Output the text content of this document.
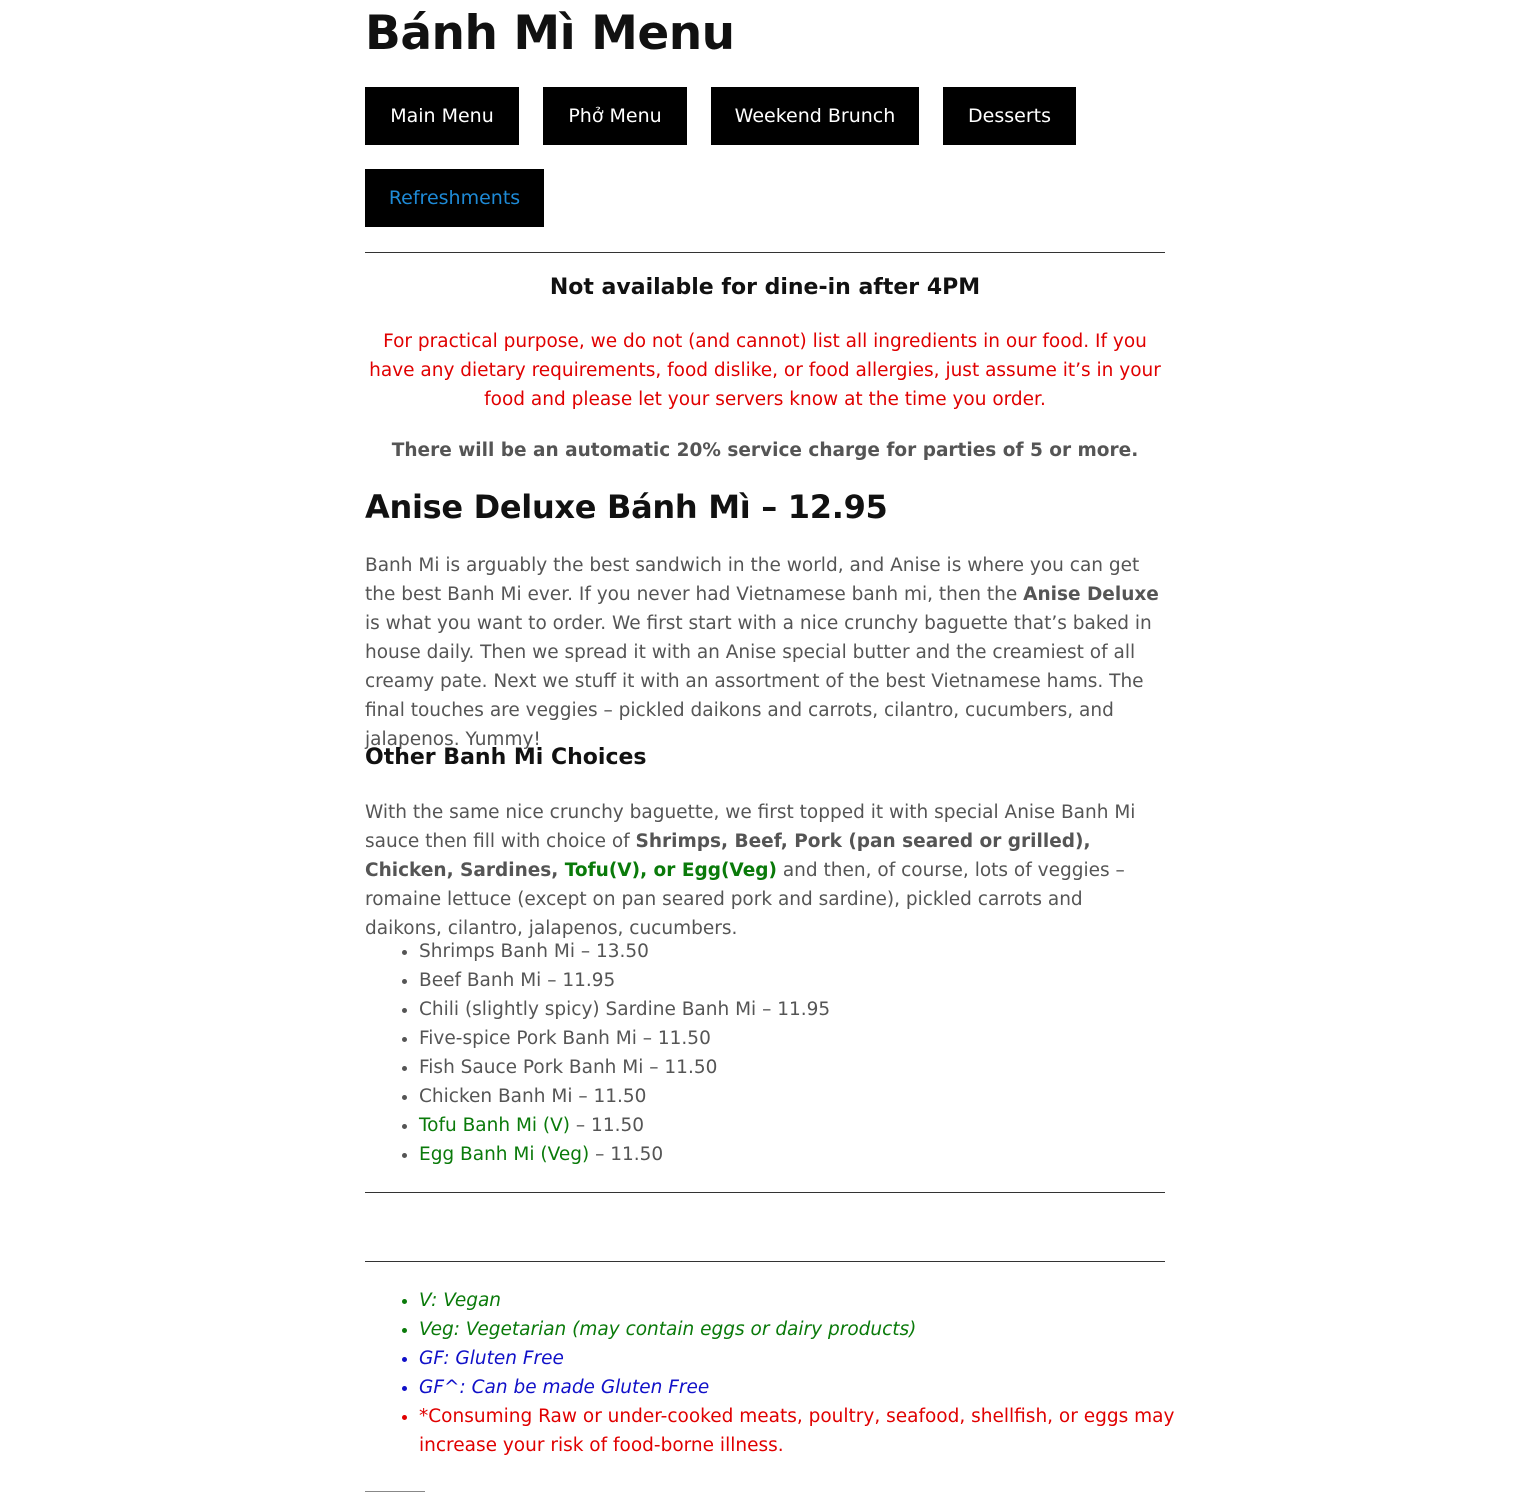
Bánh Mì Menu
Main Menu	Phở Menu	Weekend Brunch	Desserts
Refreshments

Not available for dine-in after 4PM

For practical purpose, we do not (and cannot) list all ingredients in our food. If you have any dietary requirements, food dislike, or food allergies, just assume it’s in your food and please let your servers know at the time you order.

There will be an automatic 20% service charge for parties of 5 or more.

Anise Deluxe Bánh Mì – 12.95

Banh Mi is arguably the best sandwich in the world, and Anise is where you can get the best Banh Mi ever. If you never had Vietnamese banh mi, then the Anise Deluxe is what you want to order. We first start with a nice crunchy baguette that’s baked in house daily. Then we spread it with an Anise special butter and the creamiest of all creamy pate. Next we stuff it with an assortment of the best Vietnamese hams. The final touches are veggies – pickled daikons and carrots, cilantro, cucumbers, and jalapenos. Yummy!

Other Banh Mi Choices

With the same nice crunchy baguette, we first topped it with special Anise Banh Mi sauce then fill with choice of Shrimps, Beef, Pork (pan seared or grilled), Chicken, Sardines, Tofu(V), or Egg(Veg) and then, of course, lots of veggies – romaine lettuce (except on pan seared pork and sardine), pickled carrots and daikons, cilantro, jalapenos, cucumbers.

• Shrimps Banh Mi – 13.50
• Beef Banh Mi – 11.95
• Chili (slightly spicy) Sardine Banh Mi – 11.95
• Five-spice Pork Banh Mi – 11.50
• Fish Sauce Pork Banh Mi – 11.50
• Chicken Banh Mi – 11.50
• Tofu Banh Mi (V) – 11.50
• Egg Banh Mi (Veg) – 11.50
• V: Vegan
• Veg: Vegetarian (may contain eggs or dairy products)
• GF: Gluten Free
• GF^: Can be made Gluten Free
• *Consuming Raw or under-cooked meats, poultry, seafood, shellfish, or eggs may increase your risk of food-borne illness.
